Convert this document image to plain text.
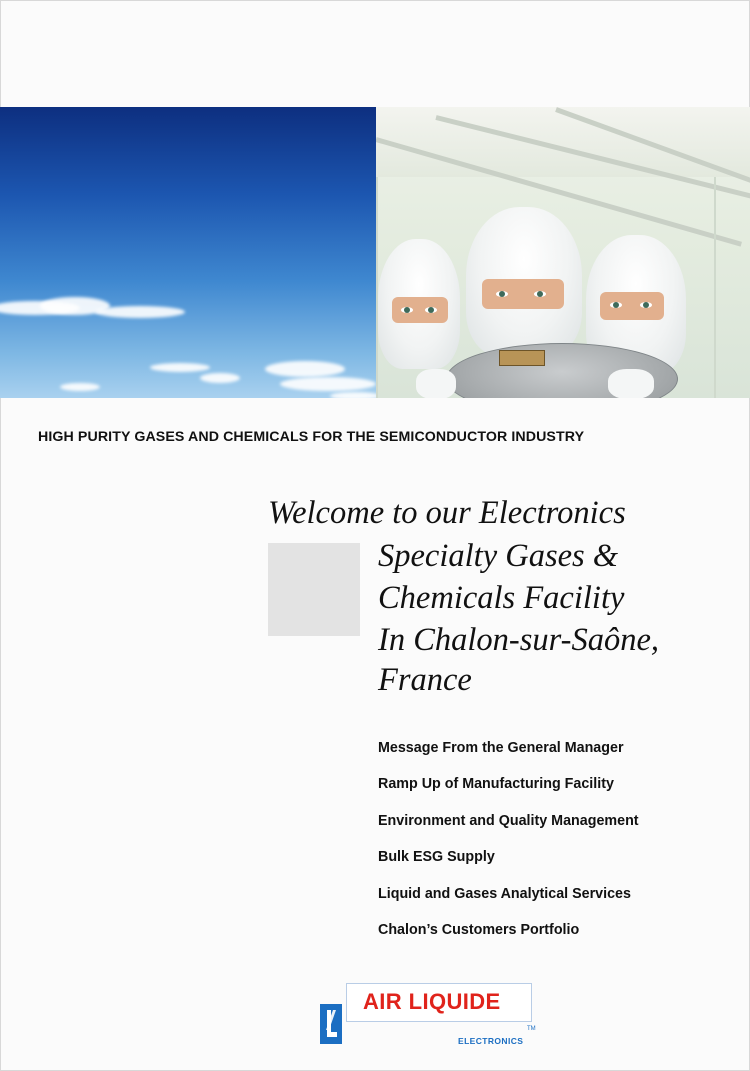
HIGH PURITY GASES AND CHEMICALS FOR THE SEMICONDUCTOR INDUSTRY
Welcome to our Electronics
Specialty Gases &
Chemicals Facility
In Chalon-sur-Saône,
France
Message From the General Manager
Ramp Up of Manufacturing Facility
Environment and Quality Management
Bulk ESG Supply
Liquid and Gases Analytical Services
Chalon’s Customers Portfolio
AIR LIQUIDE
TM
ELECTRONICS
